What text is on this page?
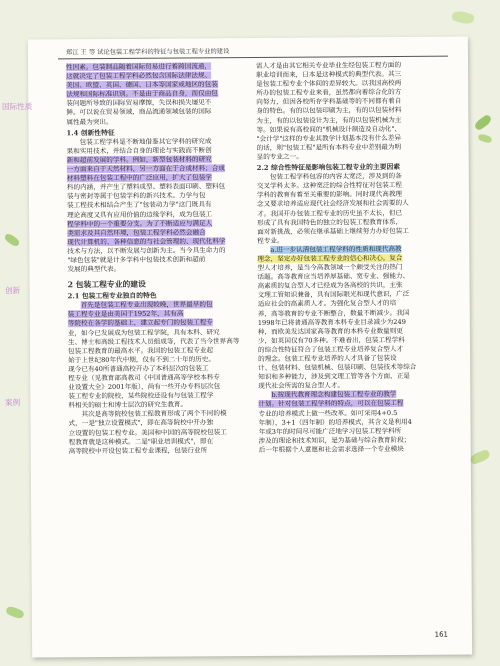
郑江 王 等 试论包装工程学科的特征与包装工程专业的建设
性因素。包装制品随着国际贸易进行着跨国流通，
这就决定了包装工程学科必然包含国际法律法规、
美国、欧盟、英国、德国、日本等国家或地区的包装
法规和国际标准识别。不是由于商品自身，而仅由包
装问题所导致的国际贸易摩擦，失误和损失屡见不
鲜。可以说在贸易领域，商品流通领域包装的国际
属性最为突出。
1.4 创新性特征
包装工程学科是不断地借鉴其它学科的研究成
果和实用技术，并结合自身的理论与实践而不断创
新和超前发展的学科。例如，新型包装材料的研究
一方面来自于天然材料，另一方面在于合成材料；合成
材料塑料在包装工程中的广泛应用，扩大了包装学
科的内涵，并产生了塑料成型、塑料表面印刷、塑料包
装与密封等属于包装学科的新兴技术。力学与包
装工程技术相结合产生了"包装动力学"这门既具有
理论高度又具有应用价值的边缘学科，成为包装工
程学科中的一个重要分支。为了不断适应与满足人
类需求及其自然环境，包装工程学科必然会融合
现代计算机的、各种信息的与社会管理的、现代化科学
技术与方法，以不断发展与创新为主。当今具生命力的
"绿色包装"就是计多学科中包装技术创新和超前
发展的典型代表。
2 包装工程专业的建设
2.1 包装工程专业独自的特色
首先是包装工程专业出现较晚，世界最早的包
装工程专业是由美国于1952年，其有高
等院校在各学的基础上，建立起专门的包装工程专
业，如今已发展成为包装工程学院，具有本科、研究
生、博士和高级工程技术人员组成等，代表了当今世界高等
包装工程教育的最高水平。我国的包装工程专业起
始于上世纪80年代中期，仅有不到二十年的历史。
现今已有40所普通高校开办了本科层次的包装工
程专业（见教育部高教司《中国普通高等学校本科专
业设置大全》2001年版），尚有一些开办专科层次包
装工程专业的院校，某些院校还设有与包装工程学
科相关的硕士和博士层次的研究生教育。
其次是高等院校包装工程教育形成了两个不同的模
式，一是"独立设置模式"，即在高等院校中开办独
立设置的包装工程专业。美国和中国的高等院校包装工
程教育就是这种模式。二是"职业培训模式"，即在
高等院校中开设包装工程专业课程，包装行业所
需人才是由其它相关专业毕业生经包装工程方面的
职业培训而来，日本是这种模式的典型代表。其三
是包装工程专业个体间的差异较大。以我国高校两
所办的包装工程专业来看，虽然都向着综合化的方
向努力，但因各校所存学科基础等的不同都有着自
身的特色。有的以包装印刷为主，有的以包装材料
为主，有的以包装设计为主，有的以包装机械为主
等。如果说有高校间的"机械设计制造及自动化"、
"会计学"这样的专业其教学计划基本没有什么差异
的话，则"包装工程"是所有本科专业中差别最为明
显的专业之一。
2.2 综合性特征是影响包装工程专业的主要因素
包装工程学科包容的内容太宽泛，涉及到的各
交叉学科太多。这种宽泛的综合性特征对包装工程
学科的教育有着至关重要的影响。同时现代高教理
念又要求培养适应现代社会经济发展和社会需要的人
才。我国开办包装工程专业的历史虽不太长，但已
形成了具有我国特色的独立的包装工程教育体系，
面对新挑战，必须在继承基础上继续努力办好包装工
程专业。
a.进一步认清包装工程学科的性质和现代高教
理念，坚定办好包装工程专业的信心和决心。复合
型人才培养，是当今高教领域一个颇受关注的热门
话题。高等教育应当培养厚基础、宽专业、强能力、
高素质的复合型人才已经成为各高校的共识，主张
文理工管知识兼备，具有国际眼光和现代意识，广泛
适应社会的高素质人才。为强化复合型人才的培
养，高等教育的专业不断整合，数量不断减少。我国
1998年已将普通高等教育本科专业目录减少为249
种，而欧美发达国家高等教育的本科专业数量则更
少，如英国仅有70多种。不难看出，包装工程学科
的综合性特征符合了包装工程专业培养复合型人才
的理念。包装工程专业培养的人才具备了包装设
计、包装材料、包装机械、包装印刷、包装技术等综合
知识和多种能力，涉及到文理工管等各个方面，正是
现代社会所需的复合型人才。
b.按现代教育理念构建包装工程专业的教学
计划。针对包装工程学科的特点，可以在包装工程
专业的培养模式上做一些改革。如可采用4+0.5
年制），3+1（四年制）的培养模式，其含义是利用4
年或3年的时间尽可能广泛地学习包装工程学科所
涉及的理论和技术知识，是为基础与综合教育阶段；
后一年根据个人意愿和社会需求选择一个专业模块
161
国际性质
创新
案例
